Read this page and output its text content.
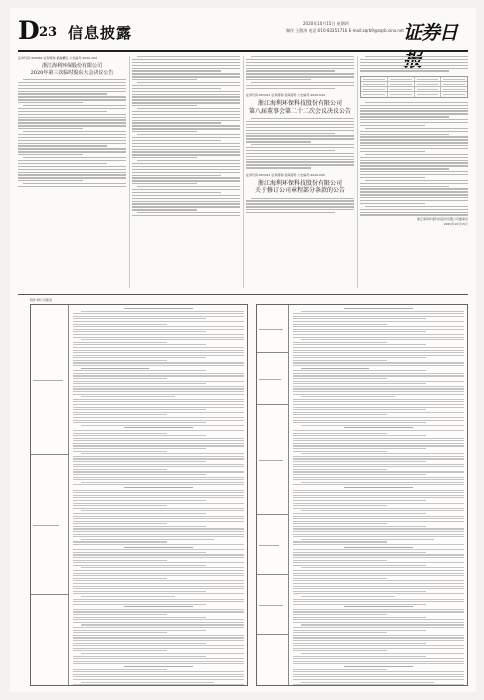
D 23 信息披露
2020年10月15日 星期四
制作 王敬涛 电话:010-83251716 E-mail:zqrb9@zqrb.sina.net 证券日
证券代码:300464 证券简称:星徽精密 公告编号:2020-104
浙江海利环保股份有限公司
2020年第三次临时股东大会决议公告
证券代码:603311 证券简称:金海高科 公告编号:2020-044
浙江海利环保科技股份有限公司
第八届董事会第二十二次会议决议公告
证券代码:603311 证券简称:金海高科 公告编号:2020-045
浙江海利环保科技股份有限公司
关于修订公司章程部分条款的公告
浙江海利环保科技股份有限公司董事会
2020年10月15日
附件:修订对照表
